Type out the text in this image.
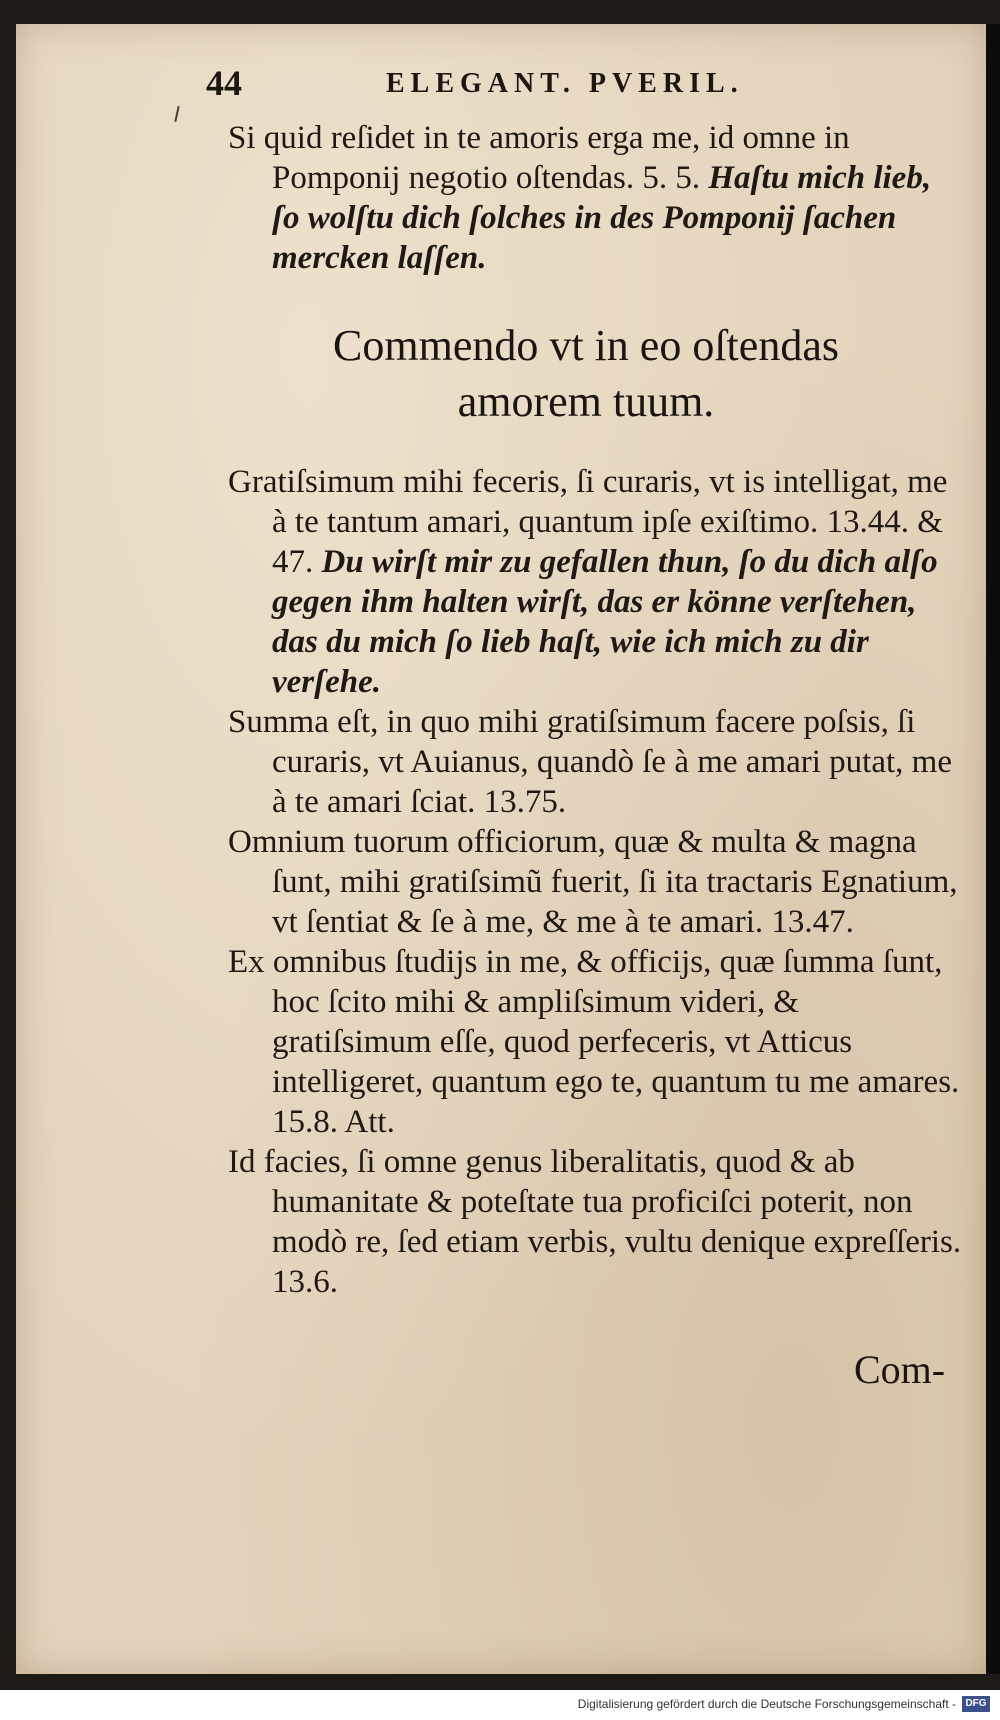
44	ELEGANT. PVERIL.

Si quid reſidet in te amoris erga me, id omne in Pomponij negotio oſtendas. 5. 5. Haſtu mich lieb, ſo wolſtu dich ſolches in des Pomponij ſachen mercken laſſen.

Commendo vt in eo oſtendas
amorem tuum.

Gratiſsimum mihi feceris, ſi curaris, vt is intelligat, me à te tantum amari, quantum ipſe exiſtimo. 13.44. & 47. Du wirſt mir zu gefallen thun, ſo du dich alſo gegen ihm halten wirſt, das er könne verſtehen, das du mich ſo lieb haſt, wie ich mich zu dir verſehe.

Summa eſt, in quo mihi gratiſsimum facere poſsis, ſi curaris, vt Auianus, quandò ſe à me amari putat, me à te amari ſciat. 13.75.

Omnium tuorum officiorum, quæ & multa & magna ſunt, mihi gratiſsimũ fuerit, ſi ita tractaris Egnatium, vt ſentiat & ſe à me, & me à te amari. 13.47.

Ex omnibus ſtudijs in me, & officijs, quæ ſumma ſunt, hoc ſcito mihi & ampliſsimum videri, & gratiſsimum eſſe, quod perfeceris, vt Atticus intelligeret, quantum ego te, quantum tu me amares. 15.8. Att.

Id facies, ſi omne genus liberalitatis, quod & ab humanitate & poteſtate tua proficiſci poterit, non modò re, ſed etiam verbis, vultu denique expreſſeris. 13.6.

Com-
Digitalisierung gefördert durch die Deutsche Forschungsgemeinschaft - DFG
